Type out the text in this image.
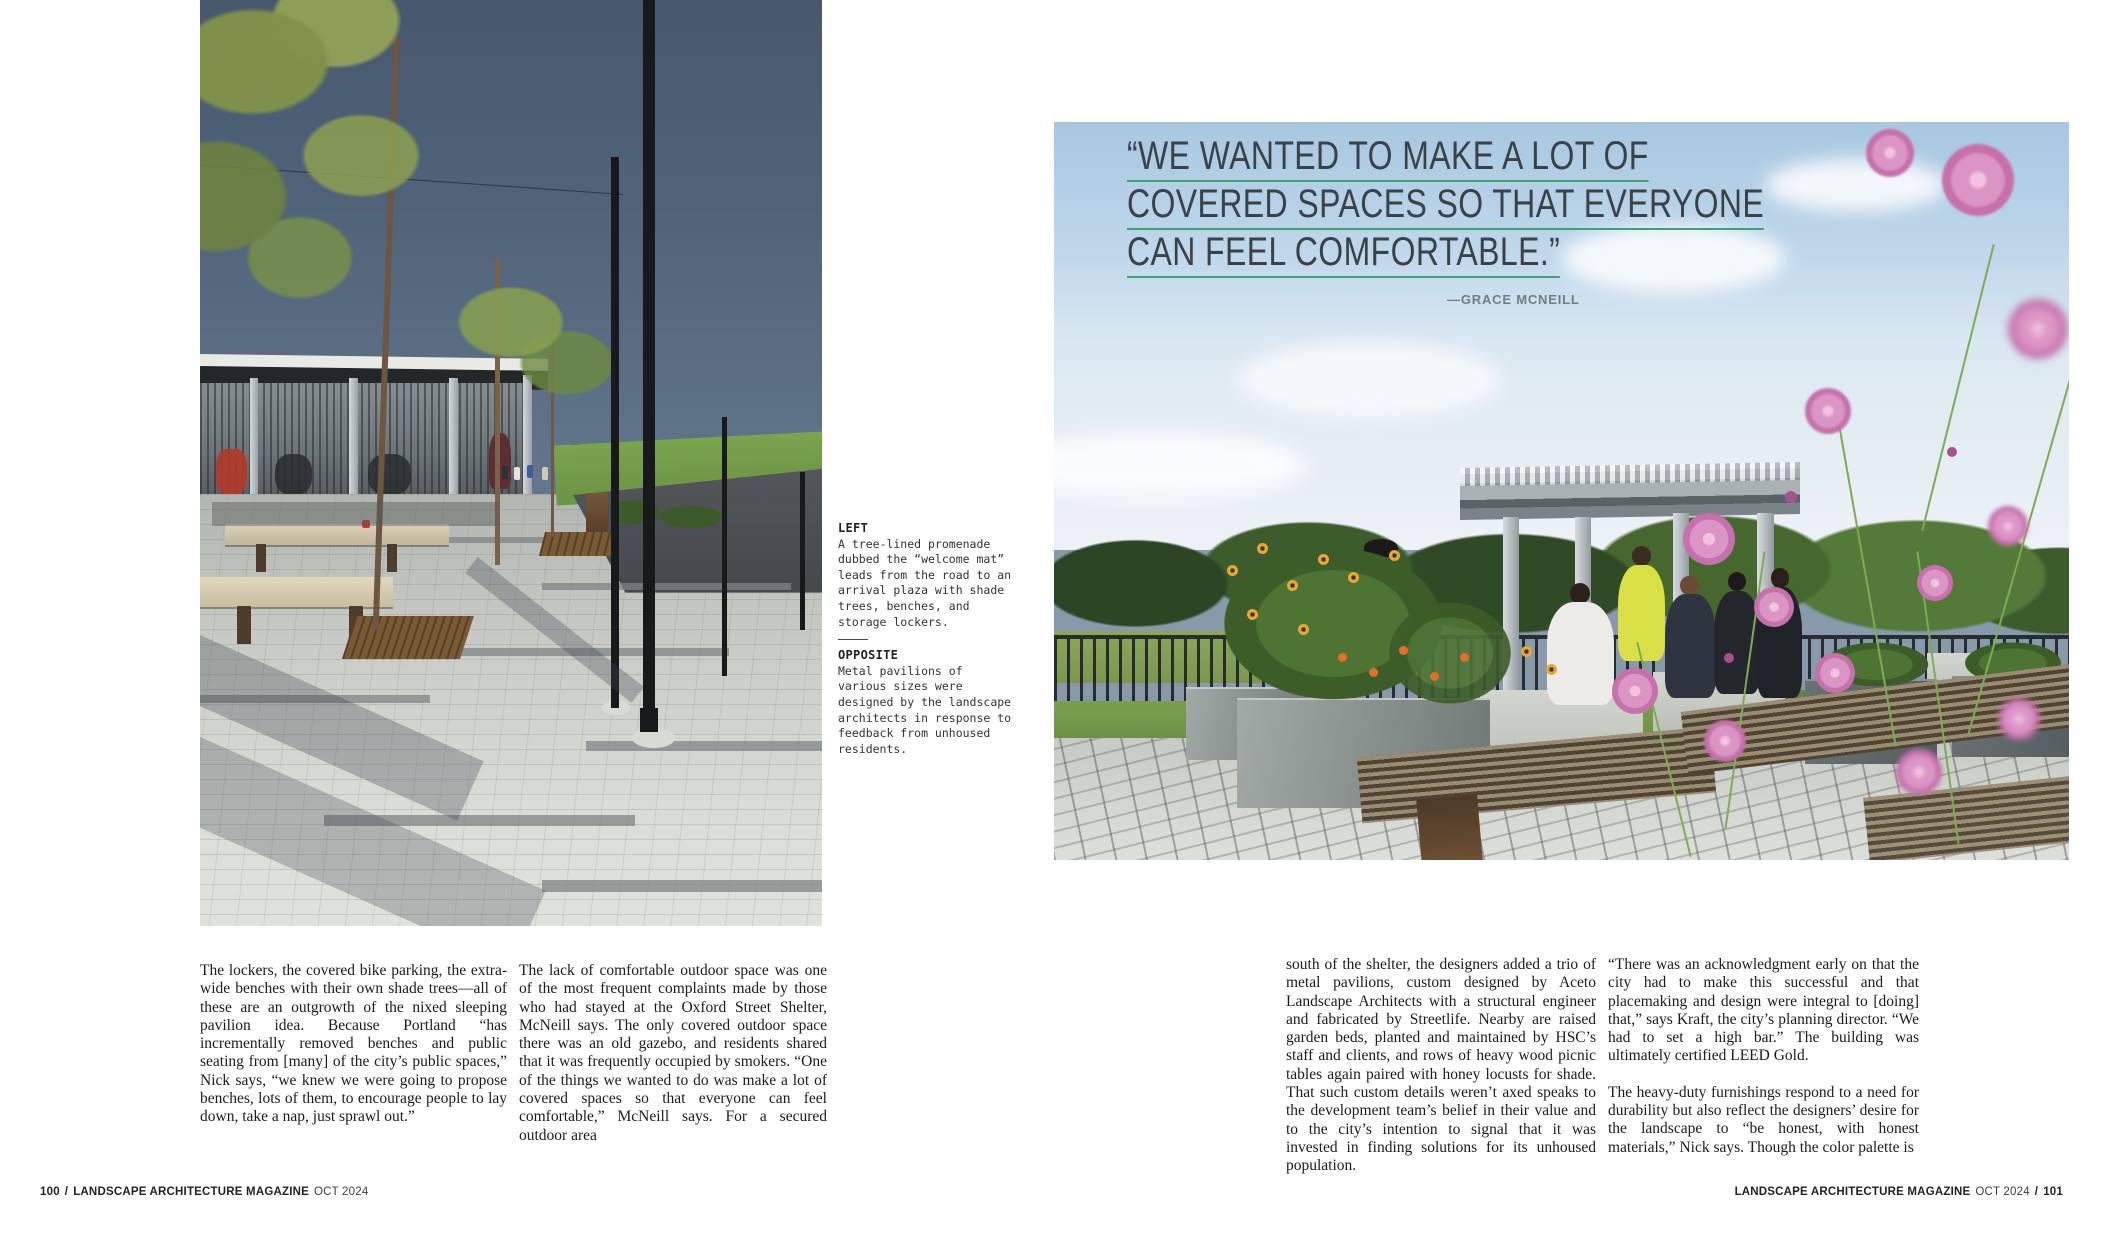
LEFT
A tree-lined promenade dubbed the “welcome mat” leads from the road to an arrival plaza with shade trees, benches, and storage lockers.
OPPOSITE
Metal pavilions of various sizes were designed by the landscape architects in response to feedback from unhoused residents.
“WE WANTED TO MAKE A LOT OF
COVERED SPACES SO THAT EVERYONE
CAN FEEL COMFORTABLE.”
—GRACE MCNEILL
The lockers, the covered bike parking, the extra-wide benches with their own shade trees—all of these are an outgrowth of the nixed sleeping pavilion idea. Because Portland “has incrementally removed benches and public seating from [many] of the city’s public spaces,” Nick says, “we knew we were going to propose benches, lots of them, to encourage people to lay down, take a nap, just sprawl out.”
The lack of comfortable outdoor space was one of the most frequent complaints made by those who had stayed at the Oxford Street Shelter, McNeill says. The only covered outdoor space there was an old gazebo, and residents shared that it was frequently occupied by smokers. “One of the things we wanted to do was make a lot of covered spaces so that everyone can feel comfortable,” McNeill says. For a secured outdoor area
south of the shelter, the designers added a trio of metal pavilions, custom designed by Aceto Landscape Architects with a structural engineer and fabricated by Streetlife. Nearby are raised garden beds, planted and maintained by HSC’s staff and clients, and rows of heavy wood picnic tables again paired with honey locusts for shade. That such custom details weren’t axed speaks to the development team’s belief in their value and to the city’s intention to signal that it was invested in finding solutions for its unhoused population.
“There was an acknowledgment early on that the city had to make this successful and that placemaking and design were integral to [doing] that,” says Kraft, the city’s planning director. “We had to set a high bar.” The building was ultimately certified LEED Gold.
The heavy-duty furnishings respond to a need for durability but also reflect the designers’ desire for the landscape to “be honest, with honest materials,” Nick says. Though the color palette is
100 / LANDSCAPE ARCHITECTURE MAGAZINE OCT 2024	LANDSCAPE ARCHITECTURE MAGAZINE OCT 2024 / 101
